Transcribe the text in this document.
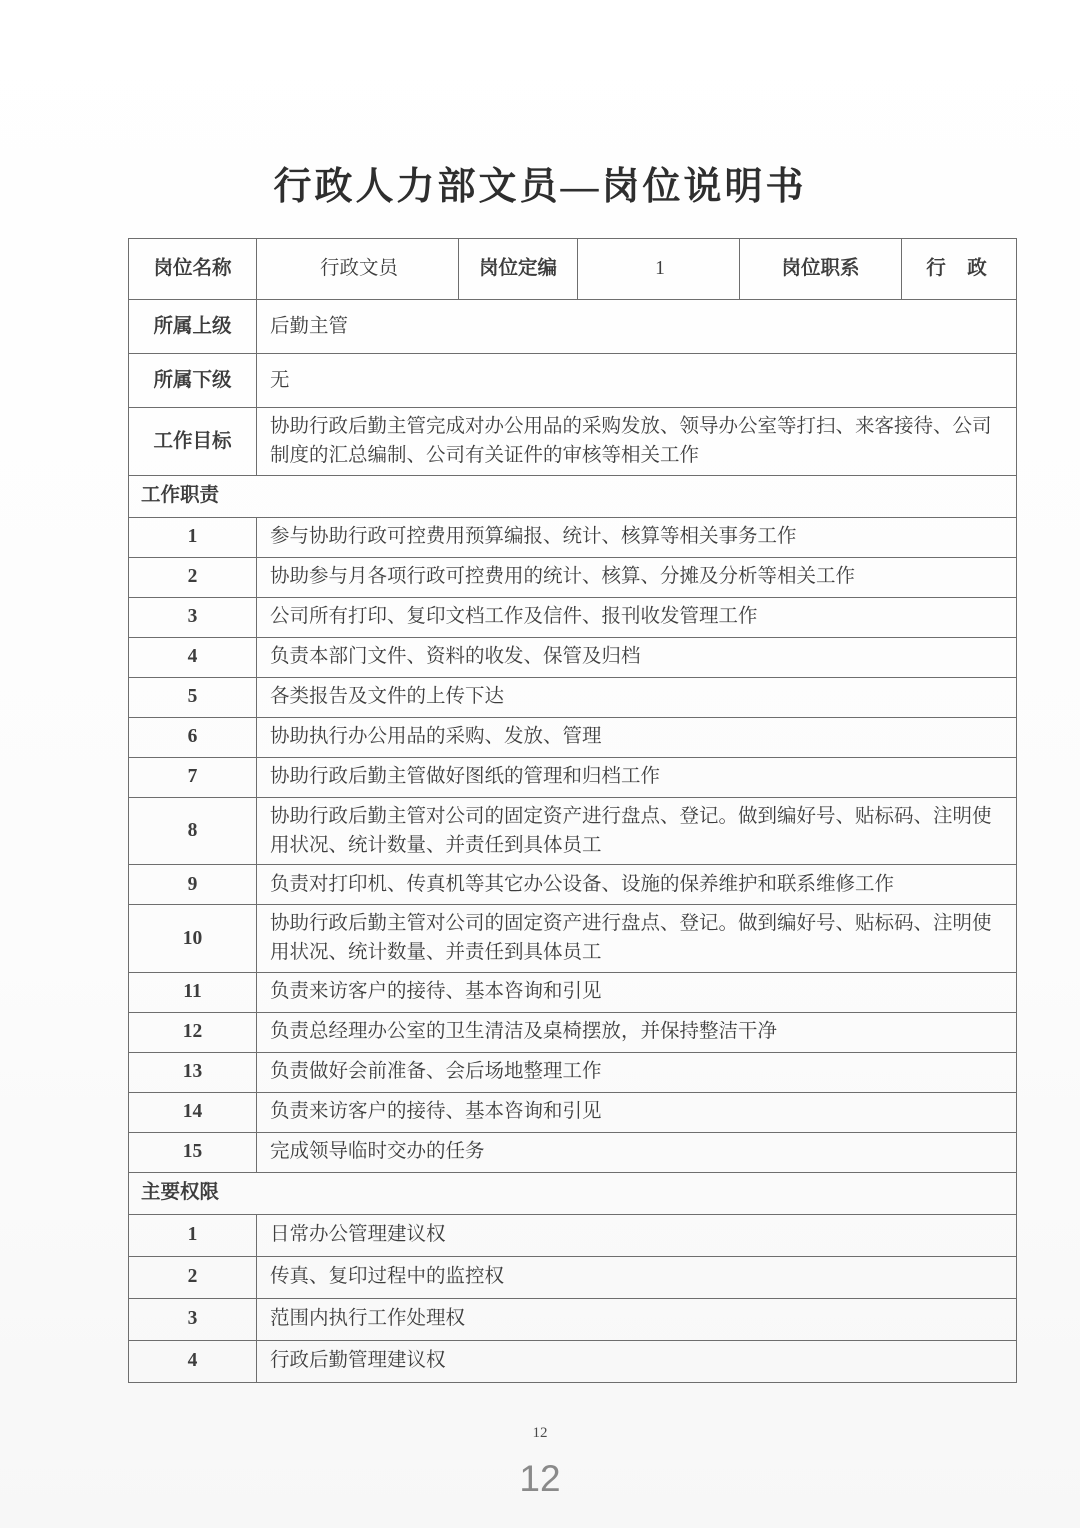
行政人力部文员—岗位说明书
岗位名称	行政文员	岗位定编	1	岗位职系	行 政
所属上级	后勤主管				
所属下级	无				
工作目标	协助行政后勤主管完成对办公用品的采购发放、领导办公室等打扫、来客接待、公司制度的汇总编制、公司有关证件的审核等相关工作				
工作职责					
1	参与协助行政可控费用预算编报、统计、核算等相关事务工作				
2	协助参与月各项行政可控费用的统计、核算、分摊及分析等相关工作				
3	公司所有打印、复印文档工作及信件、报刊收发管理工作				
4	负责本部门文件、资料的收发、保管及归档				
5	各类报告及文件的上传下达				
6	协助执行办公用品的采购、发放、管理				
7	协助行政后勤主管做好图纸的管理和归档工作				
8	协助行政后勤主管对公司的固定资产进行盘点、登记。做到编好号、贴标码、注明使用状况、统计数量、并责任到具体员工				
9	负责对打印机、传真机等其它办公设备、设施的保养维护和联系维修工作				
10	协助行政后勤主管对公司的固定资产进行盘点、登记。做到编好号、贴标码、注明使用状况、统计数量、并责任到具体员工				
11	负责来访客户的接待、基本咨询和引见				
12	负责总经理办公室的卫生清洁及桌椅摆放，并保持整洁干净				
13	负责做好会前准备、会后场地整理工作				
14	负责来访客户的接待、基本咨询和引见				
15	完成领导临时交办的任务				
主要权限					
1	日常办公管理建议权				
2	传真、复印过程中的监控权				
3	范围内执行工作处理权				
4	行政后勤管理建议权				
12
12
